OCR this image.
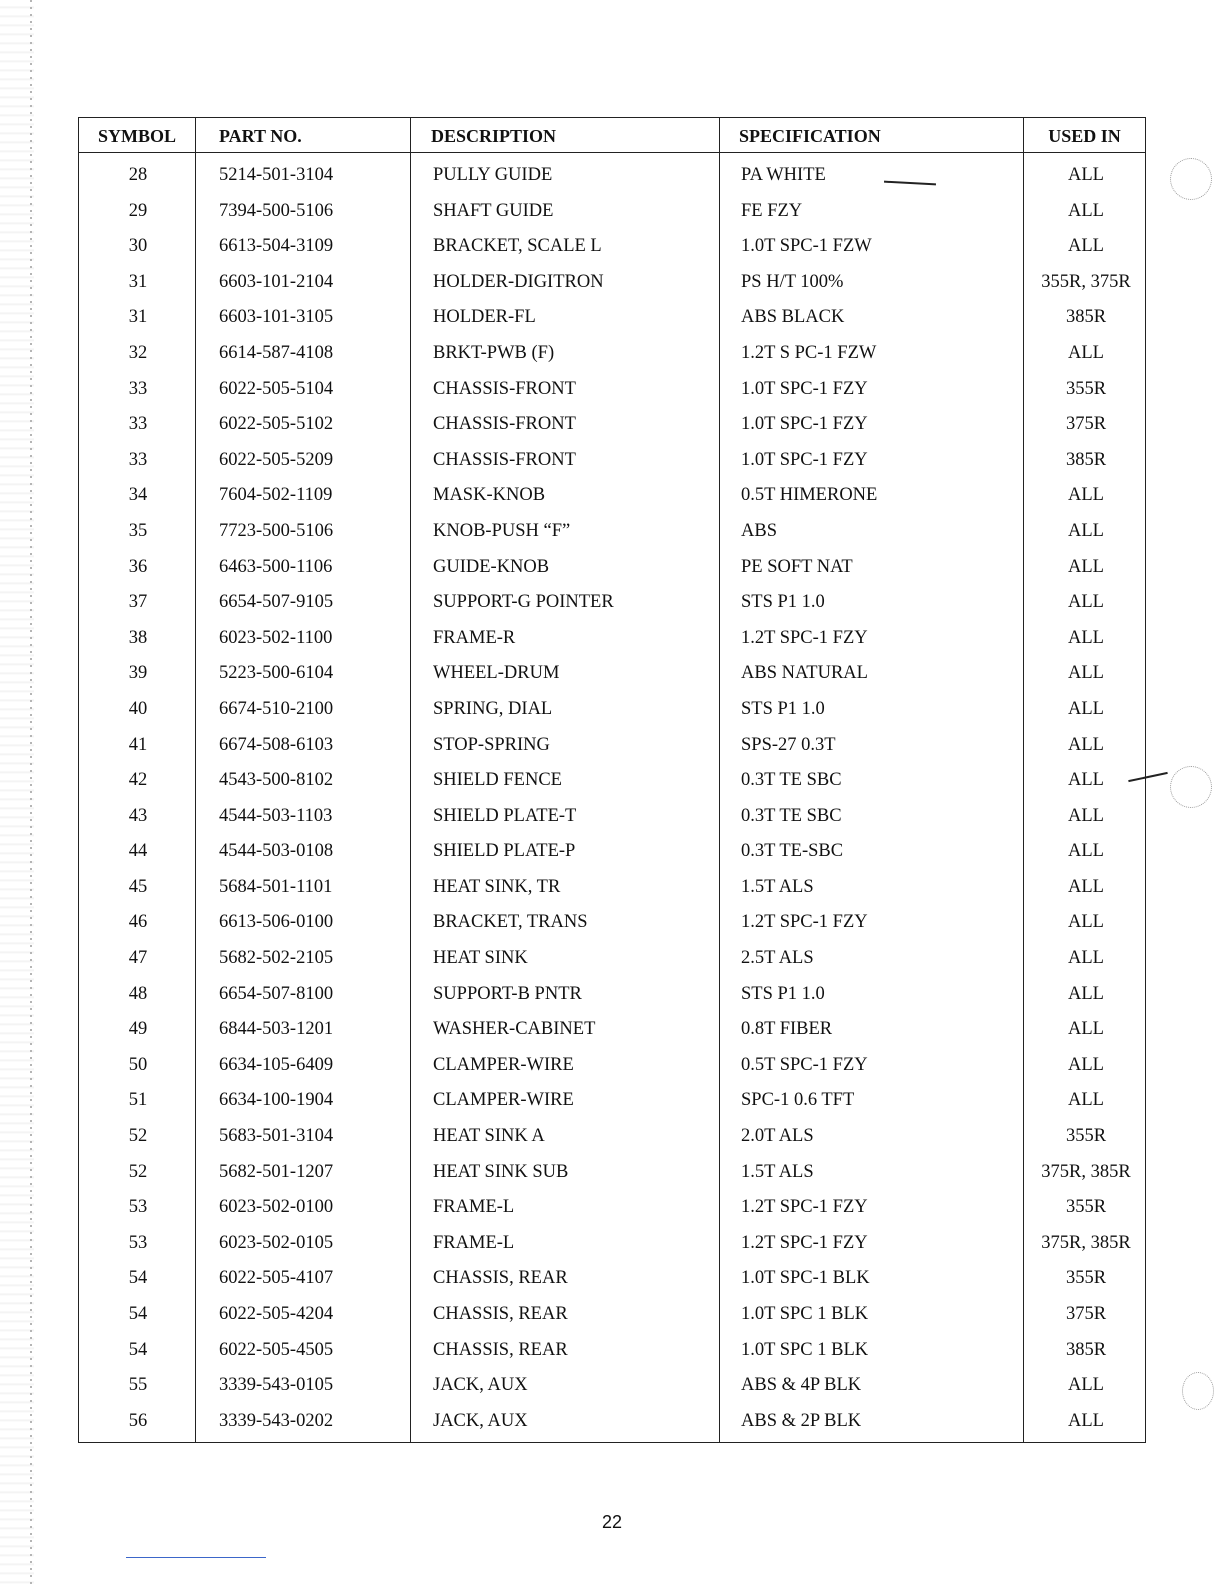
SYMBOL	PART NO.	DESCRIPTION	SPECIFICATION	USED IN
28	5214-501-3104	PULLY GUIDE	PA WHITE	ALL
29	7394-500-5106	SHAFT GUIDE	FE FZY	ALL
30	6613-504-3109	BRACKET, SCALE L	1.0T SPC-1 FZW	ALL
31	6603-101-2104	HOLDER-DIGITRON	PS H/T 100%	355R, 375R
31	6603-101-3105	HOLDER-FL	ABS BLACK	385R
32	6614-587-4108	BRKT-PWB (F)	1.2T S PC-1 FZW	ALL
33	6022-505-5104	CHASSIS-FRONT	1.0T SPC-1 FZY	355R
33	6022-505-5102	CHASSIS-FRONT	1.0T SPC-1 FZY	375R
33	6022-505-5209	CHASSIS-FRONT	1.0T SPC-1 FZY	385R
34	7604-502-1109	MASK-KNOB	0.5T HIMERONE	ALL
35	7723-500-5106	KNOB-PUSH “F”	ABS	ALL
36	6463-500-1106	GUIDE-KNOB	PE SOFT NAT	ALL
37	6654-507-9105	SUPPORT-G POINTER	STS P1 1.0	ALL
38	6023-502-1100	FRAME-R	1.2T SPC-1 FZY	ALL
39	5223-500-6104	WHEEL-DRUM	ABS NATURAL	ALL
40	6674-510-2100	SPRING, DIAL	STS P1 1.0	ALL
41	6674-508-6103	STOP-SPRING	SPS-27 0.3T	ALL
42	4543-500-8102	SHIELD FENCE	0.3T TE SBC	ALL
43	4544-503-1103	SHIELD PLATE-T	0.3T TE SBC	ALL
44	4544-503-0108	SHIELD PLATE-P	0.3T TE-SBC	ALL
45	5684-501-1101	HEAT SINK, TR	1.5T ALS	ALL
46	6613-506-0100	BRACKET, TRANS	1.2T SPC-1 FZY	ALL
47	5682-502-2105	HEAT SINK	2.5T ALS	ALL
48	6654-507-8100	SUPPORT-B PNTR	STS P1 1.0	ALL
49	6844-503-1201	WASHER-CABINET	0.8T FIBER	ALL
50	6634-105-6409	CLAMPER-WIRE	0.5T SPC-1 FZY	ALL
51	6634-100-1904	CLAMPER-WIRE	SPC-1 0.6 TFT	ALL
52	5683-501-3104	HEAT SINK A	2.0T ALS	355R
52	5682-501-1207	HEAT SINK SUB	1.5T ALS	375R, 385R
53	6023-502-0100	FRAME-L	1.2T SPC-1 FZY	355R
53	6023-502-0105	FRAME-L	1.2T SPC-1 FZY	375R, 385R
54	6022-505-4107	CHASSIS, REAR	1.0T SPC-1 BLK	355R
54	6022-505-4204	CHASSIS, REAR	1.0T SPC 1 BLK	375R
54	6022-505-4505	CHASSIS, REAR	1.0T SPC 1 BLK	385R
55	3339-543-0105	JACK, AUX	ABS & 4P BLK	ALL
56	3339-543-0202	JACK, AUX	ABS & 2P BLK	ALL
22
